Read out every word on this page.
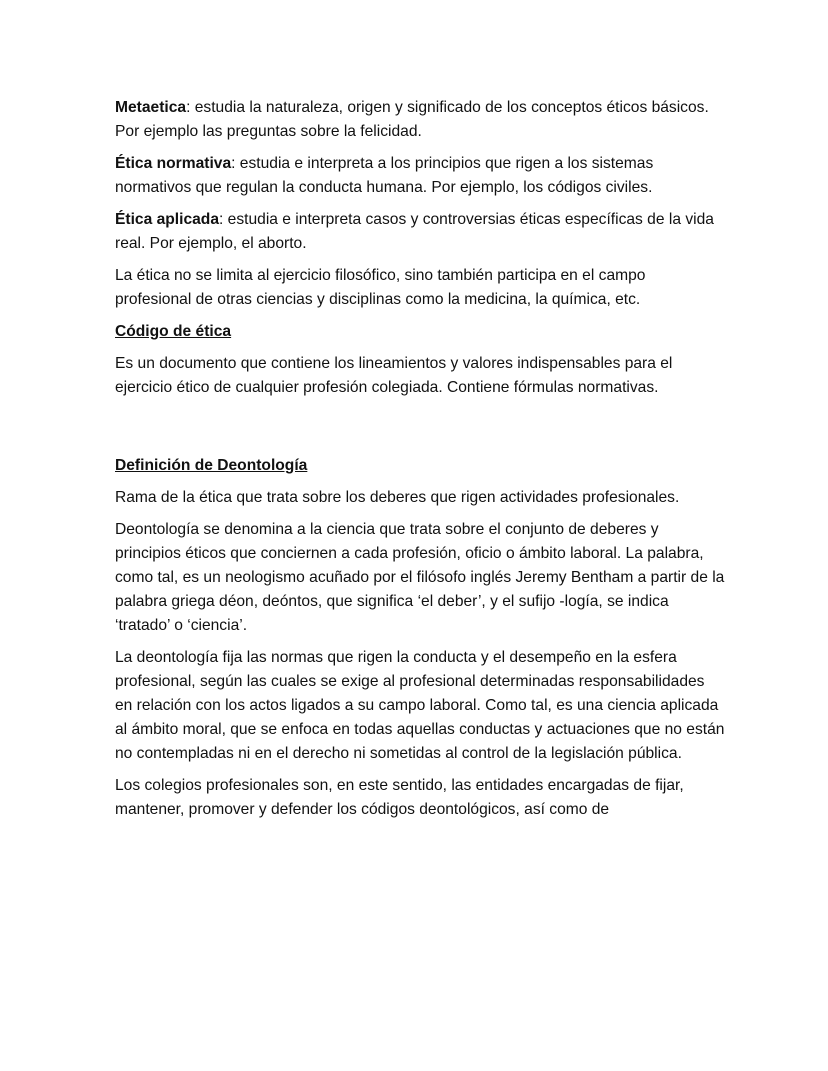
Metaetica: estudia la naturaleza, origen y significado de los conceptos éticos básicos. Por ejemplo las preguntas sobre la felicidad.

Ética normativa: estudia e interpreta a los principios que rigen a los sistemas normativos que regulan la conducta humana. Por ejemplo, los códigos civiles.

Ética aplicada: estudia e interpreta casos y controversias éticas específicas de la vida real. Por ejemplo, el aborto.

La ética no se limita al ejercicio filosófico, sino también participa en el campo profesional de otras ciencias y disciplinas como la medicina, la química, etc.

Código de ética

Es un documento que contiene los lineamientos y valores indispensables para el ejercicio ético de cualquier profesión colegiada. Contiene fórmulas normativas.

Definición de Deontología

Rama de la ética que trata sobre los deberes que rigen actividades profesionales.

Deontología se denomina a la ciencia que trata sobre el conjunto de deberes y principios éticos que conciernen a cada profesión, oficio o ámbito laboral. La palabra, como tal, es un neologismo acuñado por el filósofo inglés Jeremy Bentham a partir de la palabra griega déon, deóntos, que significa ‘el deber’, y el sufijo -logía, se indica ‘tratado’ o ‘ciencia’.

La deontología fija las normas que rigen la conducta y el desempeño en la esfera profesional, según las cuales se exige al profesional determinadas responsabilidades en relación con los actos ligados a su campo laboral. Como tal, es una ciencia aplicada al ámbito moral, que se enfoca en todas aquellas conductas y actuaciones que no están no contempladas ni en el derecho ni sometidas al control de la legislación pública.

Los colegios profesionales son, en este sentido, las entidades encargadas de fijar, mantener, promover y defender los códigos deontológicos, así como de
